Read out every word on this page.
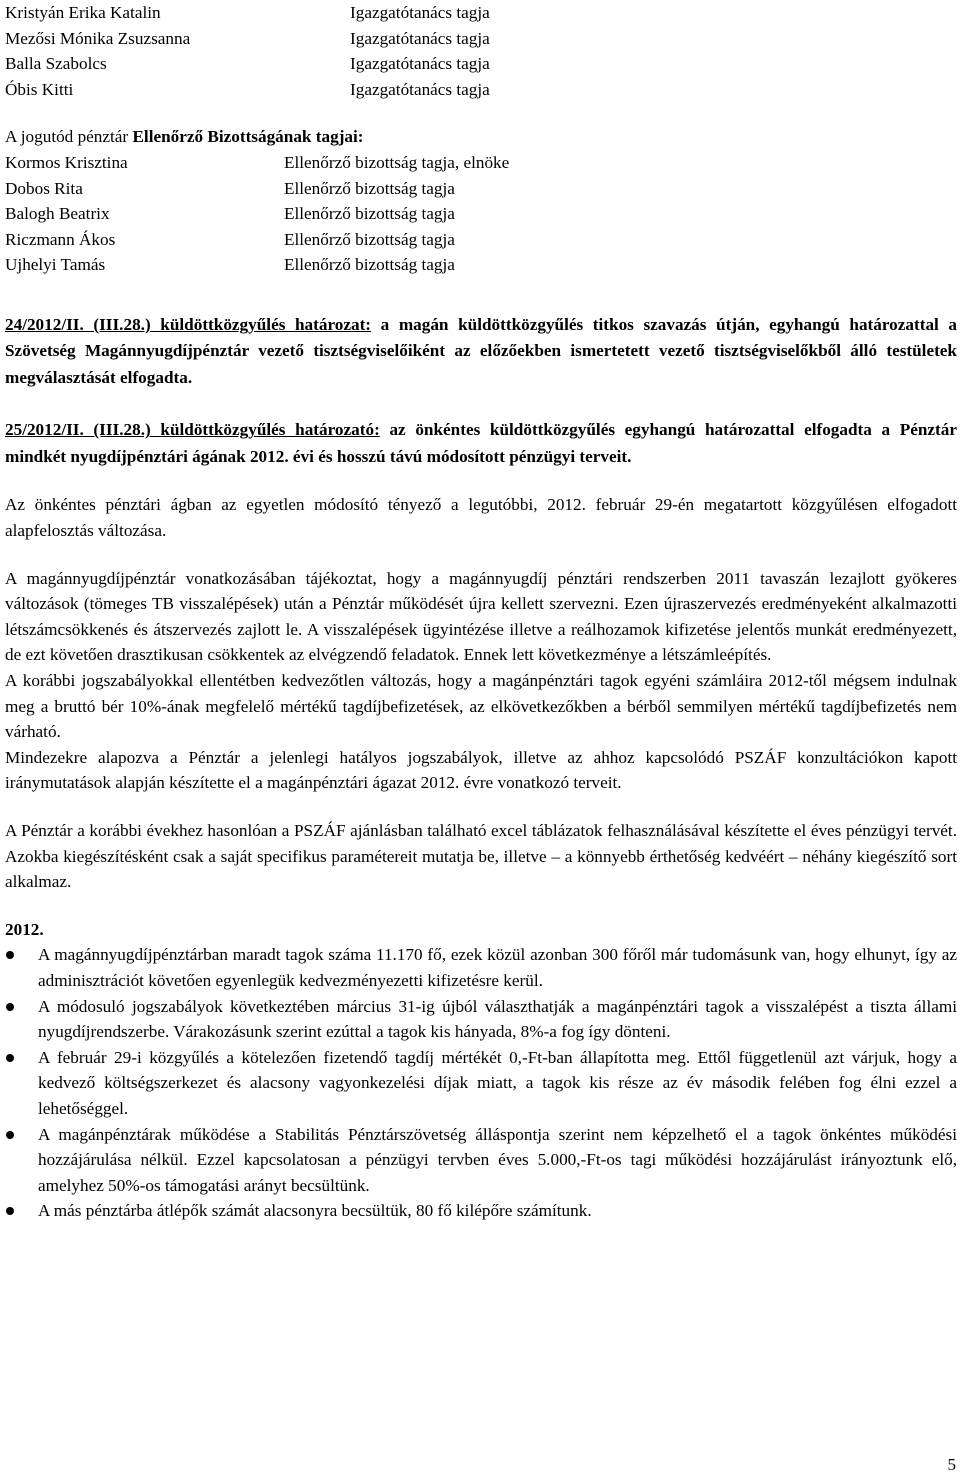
Kristyán Erika Katalin	Igazgatótanács tagja
Mezősi Mónika Zsuzsanna	Igazgatótanács tagja
Balla Szabolcs	Igazgatótanács tagja
Óbis Kitti	Igazgatótanács tagja
A jogutód pénztár Ellenőrző Bizottságának tagjai:
Kormos Krisztina	Ellenőrző bizottság tagja, elnöke
Dobos Rita	Ellenőrző bizottság tagja
Balogh Beatrix	Ellenőrző bizottság tagja
Riczmann Ákos	Ellenőrző bizottság tagja
Ujhelyi Tamás	Ellenőrző bizottság tagja

24/2012/II. (III.28.) küldöttközgyűlés határozat: a magán küldöttközgyűlés titkos szavazás útján, egyhangú határozattal a Szövetség Magánnyugdíjpénztár vezető tisztségviselőiként az előzőekben ismertetett vezető tisztségviselőkből álló testületek megválasztását elfogadta.

25/2012/II. (III.28.) küldöttközgyűlés határozató: az önkéntes küldöttközgyűlés egyhangú határozattal elfogadta a Pénztár mindkét nyugdíjpénztári ágának 2012. évi és hosszú távú módosított pénzügyi terveit.

Az önkéntes pénztári ágban az egyetlen módosító tényező a legutóbbi, 2012. február 29-én megatartott közgyűlésen elfogadott alapfelosztás változása.

A magánnyugdíjpénztár vonatkozásában tájékoztat, hogy a magánnyugdíj pénztári rendszerben 2011 tavaszán lezajlott gyökeres változások (tömeges TB visszalépések) után a Pénztár működését újra kellett szervezni. Ezen újraszervezés eredményeként alkalmazotti létszámcsökkenés és átszervezés zajlott le. A visszalépések ügyintézése illetve a reálhozamok kifizetése jelentős munkát eredményezett, de ezt követően drasztikusan csökkentek az elvégzendő feladatok. Ennek lett következménye a létszámleépítés.

A korábbi jogszabályokkal ellentétben kedvezőtlen változás, hogy a magánpénztári tagok egyéni számláira 2012-től mégsem indulnak meg a bruttó bér 10%-ának megfelelő mértékű tagdíjbefizetések, az elkövetkezőkben a bérből semmilyen mértékű tagdíjbefizetés nem várható.

Mindezekre alapozva a Pénztár a jelenlegi hatályos jogszabályok, illetve az ahhoz kapcsolódó PSZÁF konzultációkon kapott iránymutatások alapján készítette el a magánpénztári ágazat 2012. évre vonatkozó terveit.

A Pénztár a korábbi évekhez hasonlóan a PSZÁF ajánlásban található excel táblázatok felhasználásával készítette el éves pénzügyi tervét. Azokba kiegészítésként csak a saját specifikus paramétereit mutatja be, illetve – a könnyebb érthetőség kedvéért – néhány kiegészítő sort alkalmaz.

2012.
A magánnyugdíjpénztárban maradt tagok száma 11.170 fő, ezek közül azonban 300 főről már tudomásunk van, hogy elhunyt, így az adminisztrációt követően egyenlegük kedvezményezetti kifizetésre kerül.
A módosuló jogszabályok következtében március 31-ig újból választhatják a magánpénztári tagok a visszalépést a tiszta állami nyugdíjrendszerbe. Várakozásunk szerint ezúttal a tagok kis hányada, 8%-a fog így dönteni.
A február 29-i közgyűlés a kötelezően fizetendő tagdíj mértékét 0,-Ft-ban állapította meg. Ettől függetlenül azt várjuk, hogy a kedvező költségszerkezet és alacsony vagyonkezelési díjak miatt, a tagok kis része az év második felében fog élni ezzel a lehetőséggel.
A magánpénztárak működése a Stabilitás Pénztárszövetség álláspontja szerint nem képzelhető el a tagok önkéntes működési hozzájárulása nélkül. Ezzel kapcsolatosan a pénzügyi tervben éves 5.000,-Ft-os tagi működési hozzájárulást irányoztunk elő, amelyhez 50%-os támogatási arányt becsültünk.
A más pénztárba átlépők számát alacsonyra becsültük, 80 fő kilépőre számítunk.
5
